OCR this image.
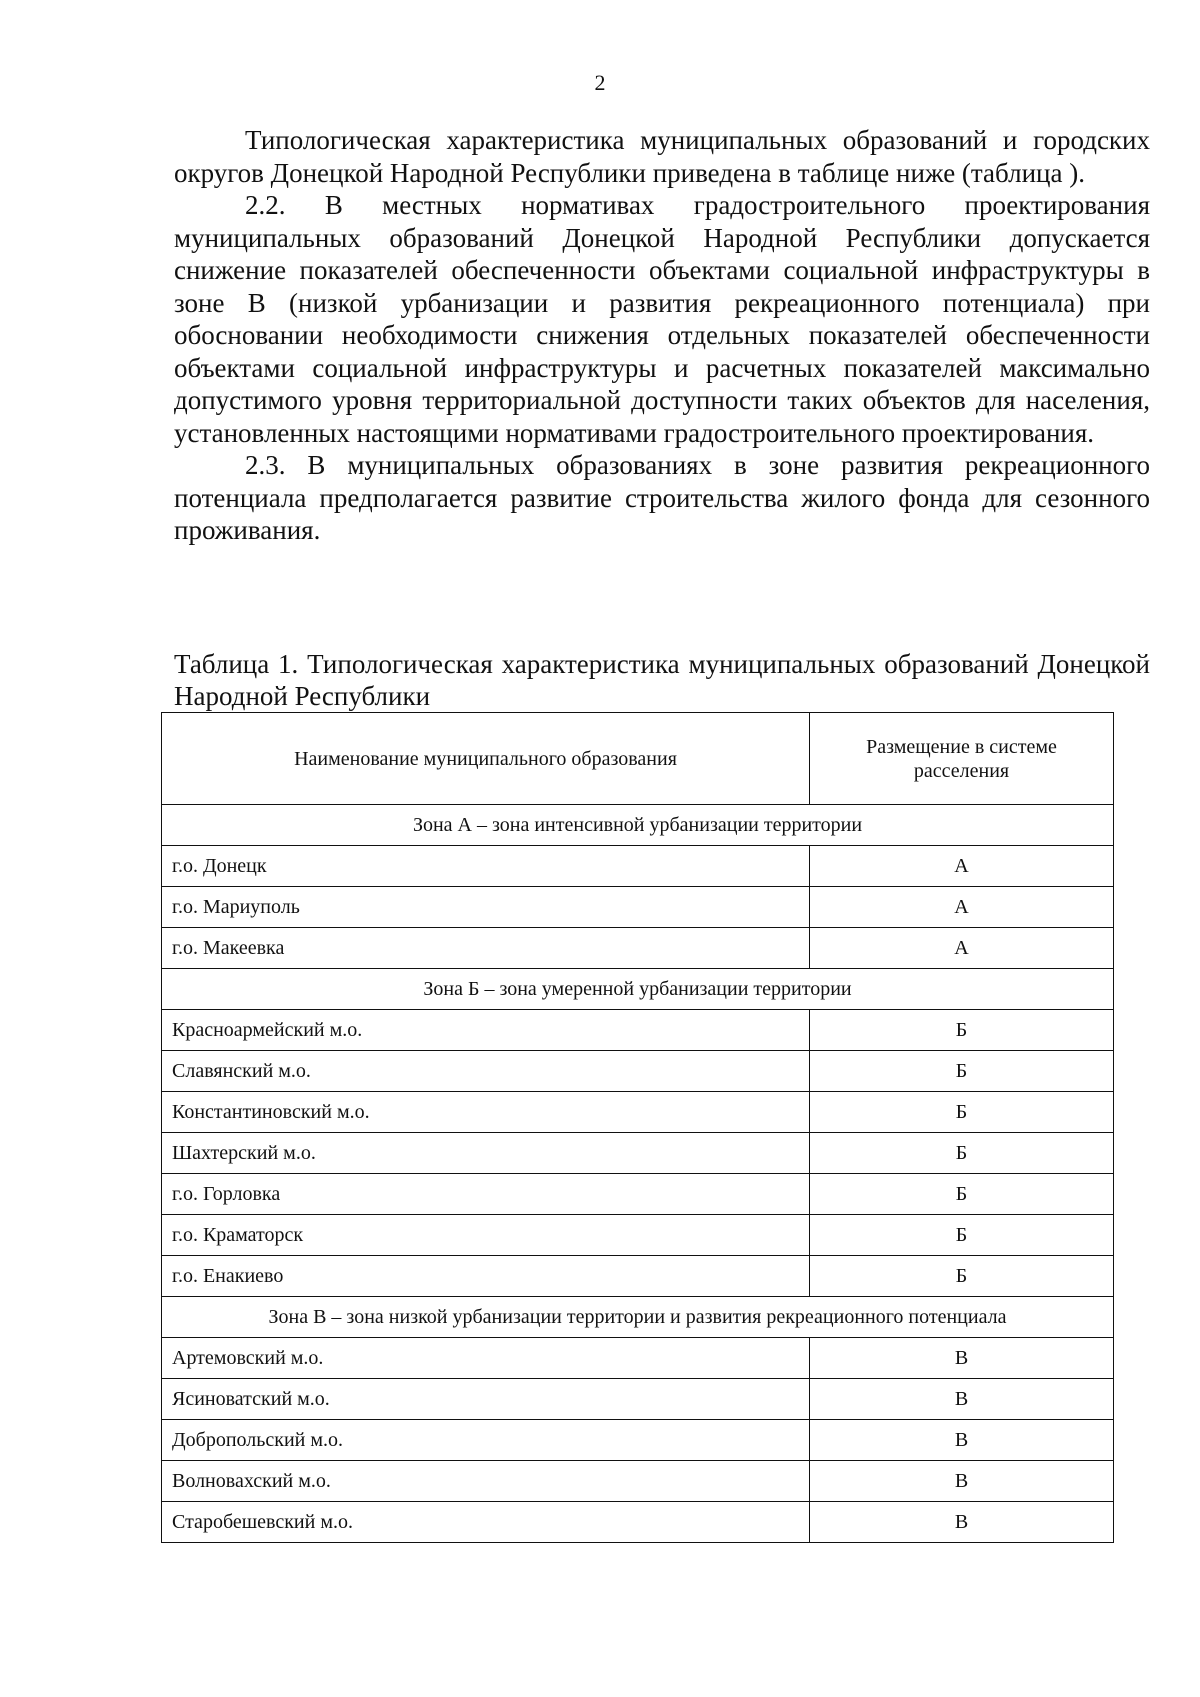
2

Типологическая характеристика муниципальных образований и городских округов Донецкой Народной Республики приведена в таблице ниже (таблица ).

2.2. В местных нормативах градостроительного проектирования муниципальных образований Донецкой Народной Республики допускается снижение показателей обеспеченности объектами социальной инфраструктуры в зоне В (низкой урбанизации и развития рекреационного потенциала) при обосновании необходимости снижения отдельных показателей обеспеченности объектами социальной инфраструктуры и расчетных показателей максимально допустимого уровня территориальной доступности таких объектов для населения, установленных настоящими нормативами градостроительного проектирования.

2.3. В муниципальных образованиях в зоне развития рекреационного потенциала предполагается развитие строительства жилого фонда для сезонного проживания.

Таблица 1. Типологическая характеристика муниципальных образований Донецкой Народной Республики

Наименование муниципального образования	Размещение в системе расселения
Зона А – зона интенсивной урбанизации территории	
г.о. Донецк	А
г.о. Мариуполь	А
г.о. Макеевка	А
Зона Б – зона умеренной урбанизации территории	
Красноармейский м.о.	Б
Славянский м.о.	Б
Константиновский м.о.	Б
Шахтерский м.о.	Б
г.о. Горловка	Б
г.о. Краматорск	Б
г.о. Енакиево	Б
Зона В – зона низкой урбанизации территории и развития рекреационного потенциала	
Артемовский м.о.	В
Ясиноватский м.о.	В
Добропольский м.о.	В
Волновахский м.о.	В
Старобешевский м.о.	В
